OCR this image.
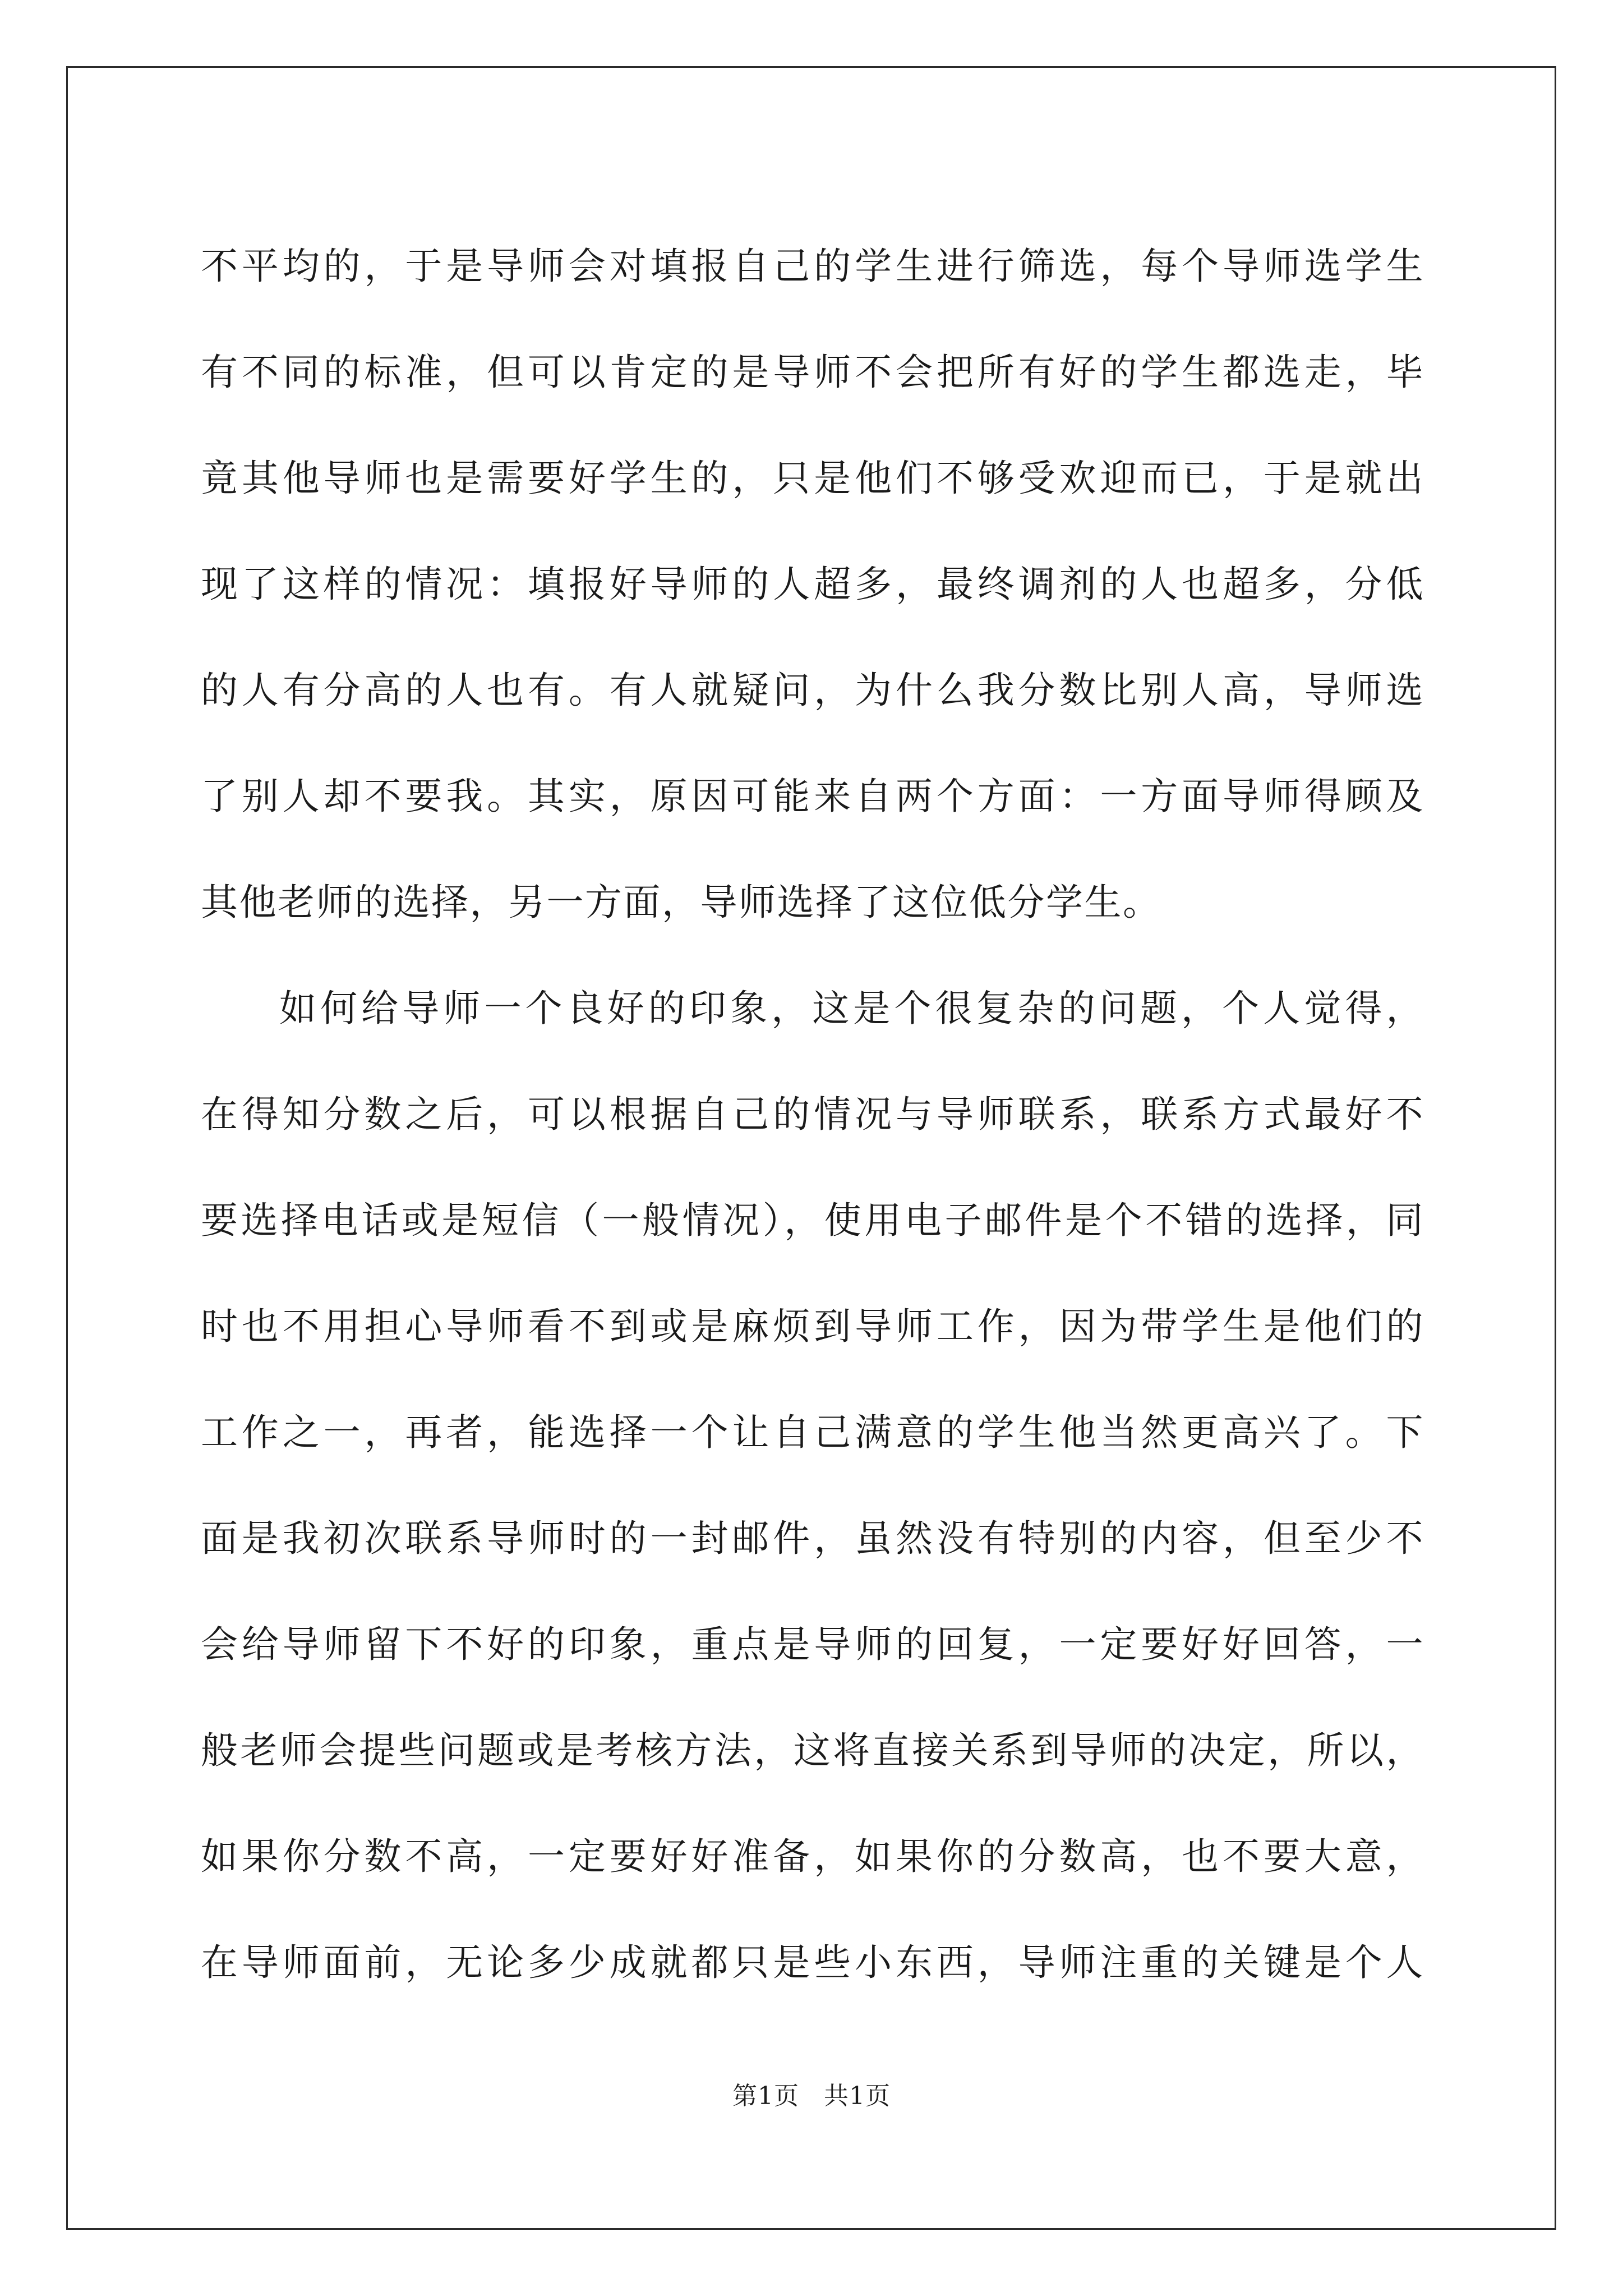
不平均的，于是导师会对填报自己的学生进行筛选，每个导师选学生
有不同的标准，但可以肯定的是导师不会把所有好的学生都选走，毕
竟其他导师也是需要好学生的，只是他们不够受欢迎而已，于是就出
现了这样的情况：填报好导师的人超多，最终调剂的人也超多，分低
的人有分高的人也有。有人就疑问，为什么我分数比别人高，导师选
了别人却不要我。其实，原因可能来自两个方面：一方面导师得顾及
其他老师的选择，另一方面，导师选择了这位低分学生。
如何给导师一个良好的印象，这是个很复杂的问题，个人觉得，
在得知分数之后，可以根据自己的情况与导师联系，联系方式最好不
要选择电话或是短信（一般情况），使用电子邮件是个不错的选择，同
时也不用担心导师看不到或是麻烦到导师工作，因为带学生是他们的
工作之一，再者，能选择一个让自己满意的学生他当然更高兴了。下
面是我初次联系导师时的一封邮件，虽然没有特别的内容，但至少不
会给导师留下不好的印象，重点是导师的回复，一定要好好回答，一
般老师会提些问题或是考核方法，这将直接关系到导师的决定，所以，
如果你分数不高，一定要好好准备，如果你的分数高，也不要大意，
在导师面前，无论多少成就都只是些小东西，导师注重的关键是个人
第1页 共1页
